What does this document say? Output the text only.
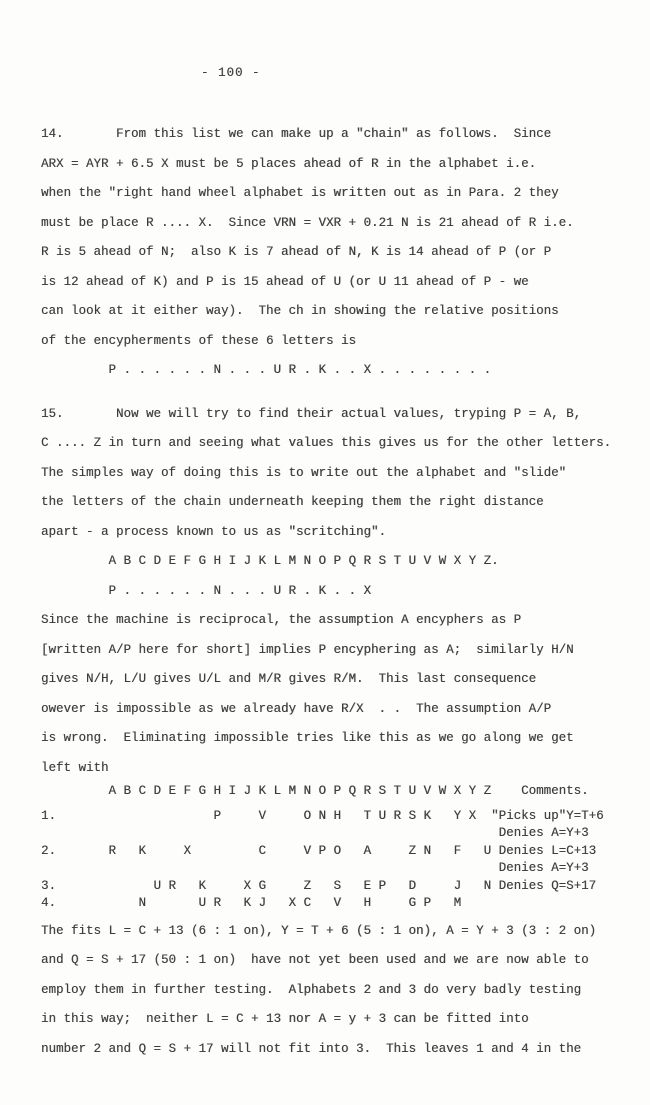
- 100 -
14.       From this list we can make up a "chain" as follows.  Since
ARX = AYR + 6.5 X must be 5 places ahead of R in the alphabet i.e.
when the "right hand wheel alphabet is written out as in Para. 2 they
must be place R .... X.  Since VRN = VXR + 0.21 N is 21 ahead of R i.e.
R is 5 ahead of N;  also K is 7 ahead of N, K is 14 ahead of P (or P
is 12 ahead of K) and P is 15 ahead of U (or U 11 ahead of P - we
can look at it either way).  The ch in showing the relative positions
of the encypherments of these 6 letters is
P . . . . . . N . . . U R . K . . X . . . . . . . .
15.       Now we will try to find their actual values, tryping P = A, B,
C .... Z in turn and seeing what values this gives us for the other letters.
The simples way of doing this is to write out the alphabet and "slide"
the letters of the chain underneath keeping them the right distance
apart - a process known to us as "scritching".
A B C D E F G H I J K L M N O P Q R S T U V W X Y Z.
P . . . . . . N . . . U R . K . . X
Since the machine is reciprocal, the assumption A encyphers as P
[written A/P here for short] implies P encyphering as A;  similarly H/N
gives N/H, L/U gives U/L and M/R gives R/M.  This last consequence
owever is impossible as we already have R/X  . .  The assumption A/P
is wrong.  Eliminating impossible tries like this as we go along we get
left with
A B C D E F G H I J K L M N O P Q R S T U V W X Y Z    Comments.
1.                     P     V     O N H   T U R S K   Y X  "Picks up"Y=T+6
Denies A=Y+3
2.       R   K     X         C     V P O   A     Z N   F   U Denies L=C+13
Denies A=Y+3
3.             U R   K     X G     Z   S   E P   D     J   N Denies Q=S+17
4.           N       U R   K J   X C   V   H     G P   M
The fits L = C + 13 (6 : 1 on), Y = T + 6 (5 : 1 on), A = Y + 3 (3 : 2 on)
and Q = S + 17 (50 : 1 on)  have not yet been used and we are now able to
employ them in further testing.  Alphabets 2 and 3 do very badly testing
in this way;  neither L = C + 13 nor A = y + 3 can be fitted into
number 2 and Q = S + 17 will not fit into 3.  This leaves 1 and 4 in the
